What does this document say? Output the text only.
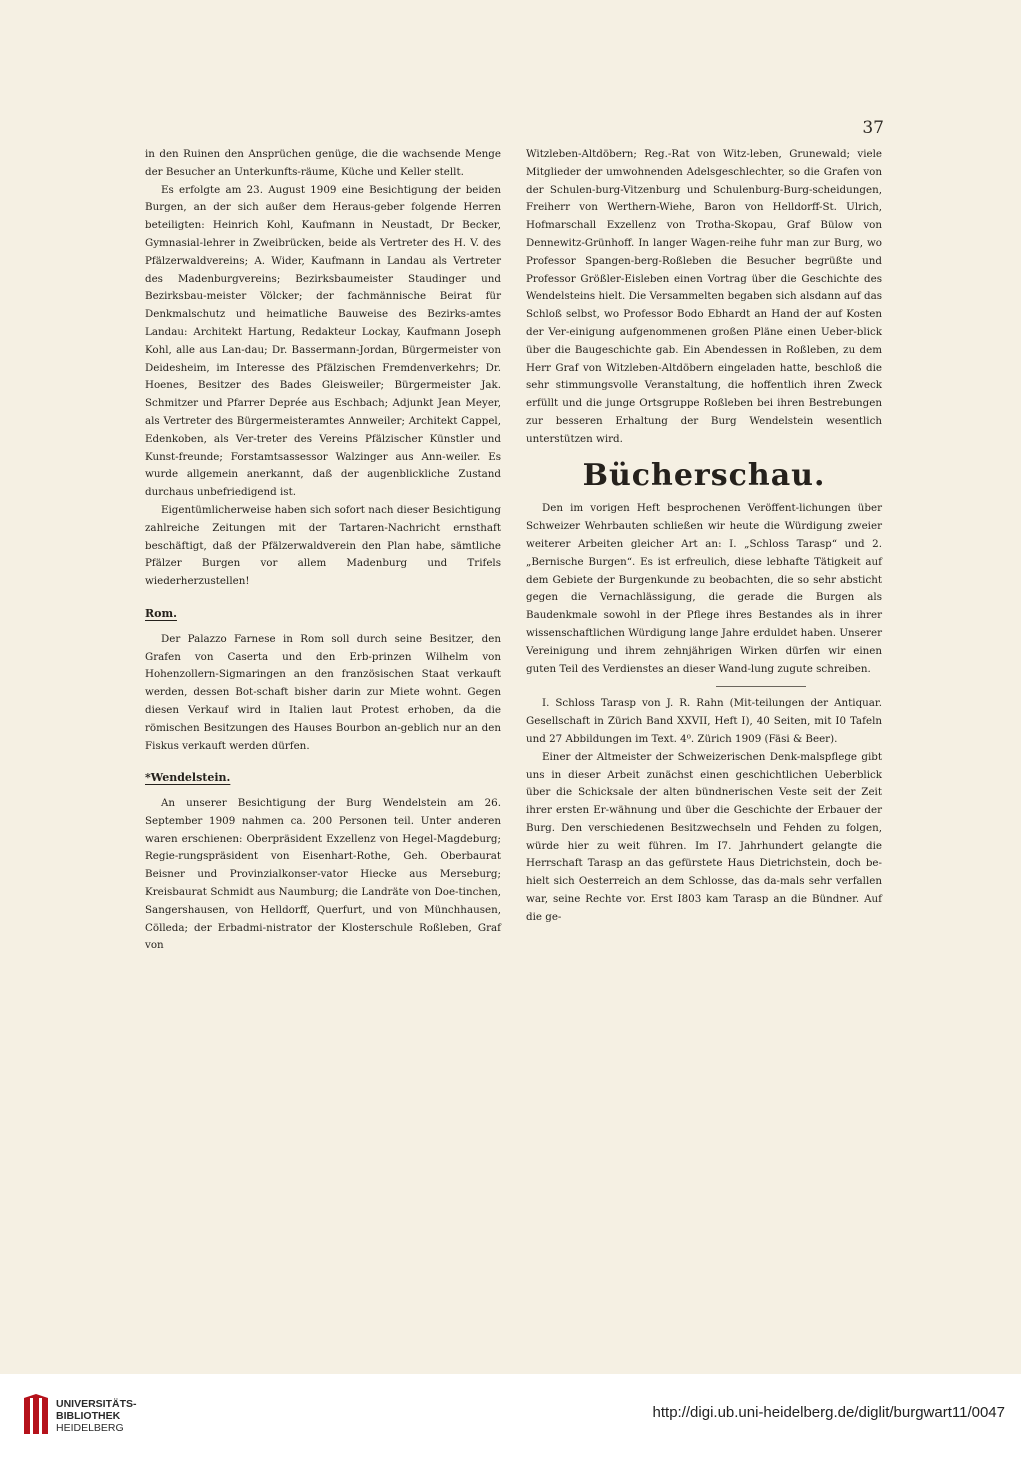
37

in den Ruinen den Ansprüchen genüge, die die wachsende Menge der Besucher an Unterkunfts-räume, Küche und Keller stellt.

Es erfolgte am 23. August 1909 eine Besichtigung der beiden Burgen, an der sich außer dem Heraus-geber folgende Herren beteiligten: Heinrich Kohl, Kaufmann in Neustadt, Dr Becker, Gymnasial-lehrer in Zweibrücken, beide als Vertreter des H. V. des Pfälzerwaldvereins; A. Wider, Kaufmann in Landau als Vertreter des Madenburgvereins; Bezirksbaumeister Staudinger und Bezirksbau-meister Völcker; der fachmännische Beirat für Denkmalschutz und heimatliche Bauweise des Bezirks-amtes Landau: Architekt Hartung, Redakteur Lockay, Kaufmann Joseph Kohl, alle aus Lan-dau; Dr. Bassermann-Jordan, Bürgermeister von Deidesheim, im Interesse des Pfälzischen Fremdenverkehrs; Dr. Hoenes, Besitzer des Bades Gleisweiler; Bürgermeister Jak. Schmitzer und Pfarrer Deprée aus Eschbach; Adjunkt Jean Meyer, als Vertreter des Bürgermeisteramtes Annweiler; Architekt Cappel, Edenkoben, als Ver-treter des Vereins Pfälzischer Künstler und Kunst-freunde; Forstamtsassessor Walzinger aus Ann-weiler. Es wurde allgemein anerkannt, daß der augenblickliche Zustand durchaus unbefriedigend ist.

Eigentümlicherweise haben sich sofort nach dieser Besichtigung zahlreiche Zeitungen mit der Tartaren-Nachricht ernsthaft beschäftigt, daß der Pfälzerwaldverein den Plan habe, sämtliche Pfälzer Burgen vor allem Madenburg und Trifels wiederherzustellen!

Rom.

Der Palazzo Farnese in Rom soll durch seine Besitzer, den Grafen von Caserta und den Erb-prinzen Wilhelm von Hohenzollern-Sigmaringen an den französischen Staat verkauft werden, dessen Bot-schaft bisher darin zur Miete wohnt. Gegen diesen Verkauf wird in Italien laut Protest erhoben, da die römischen Besitzungen des Hauses Bourbon an-geblich nur an den Fiskus verkauft werden dürfen.

*Wendelstein.

An unserer Besichtigung der Burg Wendelstein am 26. September 1909 nahmen ca. 200 Personen teil. Unter anderen waren erschienen: Oberpräsident Exzellenz von Hegel-Magdeburg; Regie-rungspräsident von Eisenhart-Rothe, Geh. Oberbaurat Beisner und Provinzialkonser-vator Hiecke aus Merseburg; Kreisbaurat Schmidt aus Naumburg; die Landräte von Doe-tinchen, Sangershausen, von Helldorff, Querfurt, und von Münchhausen, Cölleda; der Erbadmi-nistrator der Klosterschule Roßleben, Graf von

Witzleben-Altdöbern; Reg.-Rat von Witz-leben, Grunewald; viele Mitglieder der umwohnenden Adelsgeschlechter, so die Grafen von der Schulen-burg-Vitzenburg und Schulenburg-Burg-scheidungen, Freiherr von Werthern-Wiehe, Baron von Helldorff-St. Ulrich, Hofmarschall Exzellenz von Trotha-Skopau, Graf Bülow von Dennewitz-Grünhoff. In langer Wagen-reihe fuhr man zur Burg, wo Professor Spangen-berg-Roßleben die Besucher begrüßte und Professor Größler-Eisleben einen Vortrag über die Geschichte des Wendelsteins hielt. Die Versammelten begaben sich alsdann auf das Schloß selbst, wo Professor Bodo Ebhardt an Hand der auf Kosten der Ver-einigung aufgenommenen großen Pläne einen Ueber-blick über die Baugeschichte gab. Ein Abendessen in Roßleben, zu dem Herr Graf von Witzleben-Altdöbern eingeladen hatte, beschloß die sehr stimmungsvolle Veranstaltung, die hoffentlich ihren Zweck erfüllt und die junge Ortsgruppe Roßleben bei ihren Bestrebungen zur besseren Erhaltung der Burg Wendelstein wesentlich unterstützen wird.

Bücherschau.

Den im vorigen Heft besprochenen Veröffent-lichungen über Schweizer Wehrbauten schließen wir heute die Würdigung zweier weiterer Arbeiten gleicher Art an: I. „Schloss Tarasp“ und 2. „Bernische Burgen“. Es ist erfreulich, diese lebhafte Tätigkeit auf dem Gebiete der Burgenkunde zu beobachten, die so sehr absticht gegen die Vernachlässigung, die gerade die Burgen als Baudenkmale sowohl in der Pflege ihres Bestandes als in ihrer wissenschaftlichen Würdigung lange Jahre erduldet haben. Unserer Vereinigung und ihrem zehnjährigen Wirken dürfen wir einen guten Teil des Verdienstes an dieser Wand-lung zugute schreiben.

I. Schloss Tarasp von J. R. Rahn (Mit-teilungen der Antiquar. Gesellschaft in Zürich Band XXVII, Heft I), 40 Seiten, mit I0 Tafeln und 27 Abbildungen im Text. 4⁰. Zürich 1909 (Fäsi & Beer).

Einer der Altmeister der Schweizerischen Denk-malspflege gibt uns in dieser Arbeit zunächst einen geschichtlichen Ueberblick über die Schicksale der alten bündnerischen Veste seit der Zeit ihrer ersten Er-wähnung und über die Geschichte der Erbauer der Burg. Den verschiedenen Besitzwechseln und Fehden zu folgen, würde hier zu weit führen. Im I7. Jahrhundert gelangte die Herrschaft Tarasp an das gefürstete Haus Dietrichstein, doch be-hielt sich Oesterreich an dem Schlosse, das da-mals sehr verfallen war, seine Rechte vor. Erst I803 kam Tarasp an die Bündner. Auf die ge-

UNIVERSITÄTS-
BIBLIOTHEK
HEIDELBERG
http://digi.ub.uni-heidelberg.de/diglit/burgwart11/0047
